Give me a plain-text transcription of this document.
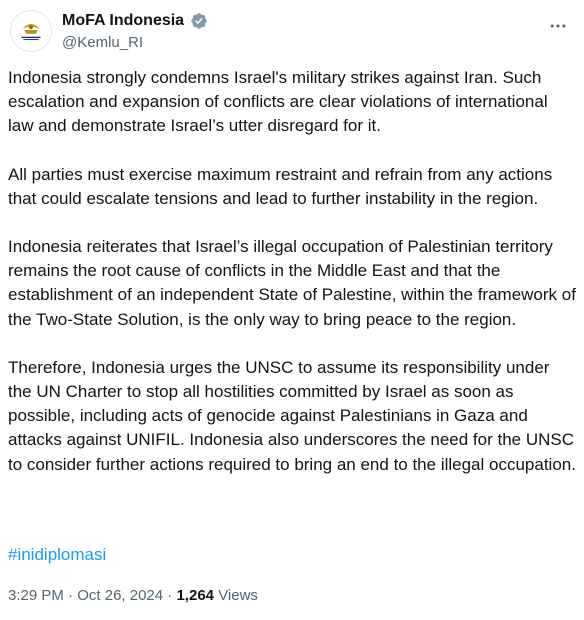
MoFA Indonesia
@Kemlu_RI

Indonesia strongly condemns Israel's military strikes against Iran. Such escalation and expansion of conflicts are clear violations of international law and demonstrate Israel’s utter disregard for it.

All parties must exercise maximum restraint and refrain from any actions that could escalate tensions and lead to further instability in the region.

Indonesia reiterates that Israel’s illegal occupation of Palestinian territory remains the root cause of conflicts in the Middle East and that the establishment of an independent State of Palestine, within the framework of the Two-State Solution, is the only way to bring peace to the region.

Therefore, Indonesia urges the UNSC to assume its responsibility under the UN Charter to stop all hostilities committed by Israel as soon as possible, including acts of genocide against Palestinians in Gaza and attacks against UNIFIL. Indonesia also underscores the need for the UNSC to consider further actions required to bring an end to the illegal occupation.

#inidiplomasi
3:29 PM · Oct 26, 2024 · 1,264 Views
